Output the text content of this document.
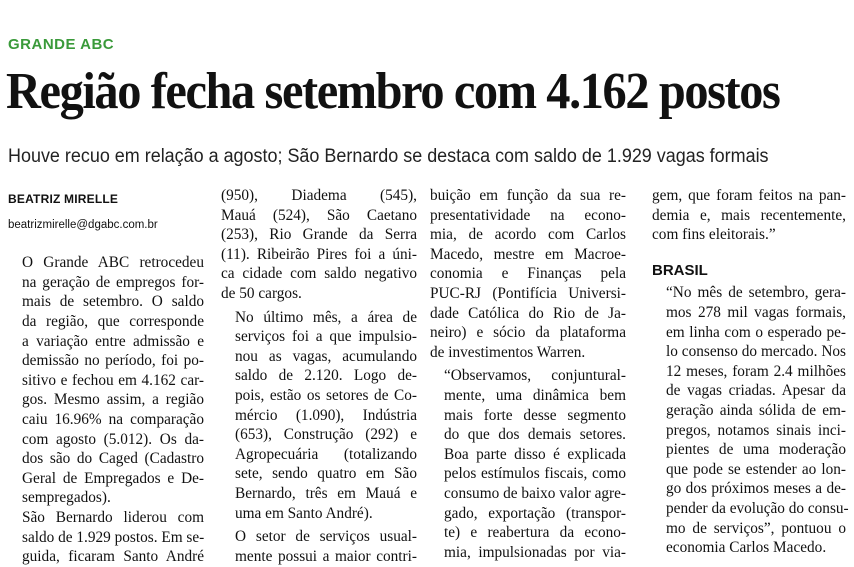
GRANDE ABC
Região fecha setembro com 4.162 postos
Houve recuo em relação a agosto; São Bernardo se destaca com saldo de 1.929 vagas formais
BEATRIZ MIRELLE
beatrizmirelle@dgabc.com.br

O Grande ABC retrocedeu
na geração de empregos for-
mais de setembro. O saldo
da região, que corresponde
a variação entre admissão e
demissão no período, foi po-
sitivo e fechou em 4.162 car-
gos. Mesmo assim, a região
caiu 16.96% na comparação
com agosto (5.012). Os da-
dos são do Caged (Cadastro
Geral de Empregados e De-
sempregados).

São Bernardo liderou com
saldo de 1.929 postos. Em se-
guida, ficaram Santo André

(950), Diadema (545),
Mauá (524), São Caetano
(253), Rio Grande da Serra
(11). Ribeirão Pires foi a úni-
ca cidade com saldo negativo
de 50 cargos.

No último mês, a área de
serviços foi a que impulsio-
nou as vagas, acumulando
saldo de 2.120. Logo de-
pois, estão os setores de Co-
mércio (1.090), Indústria
(653), Construção (292) e
Agropecuária (totalizando
sete, sendo quatro em São
Bernardo, três em Mauá e
uma em Santo André).

O setor de serviços usual-
mente possui a maior contri-

buição em função da sua re-
presentatividade na econo-
mia, de acordo com Carlos
Macedo, mestre em Macroe-
conomia e Finanças pela
PUC-RJ (Pontifícia Universi-
dade Católica do Rio de Ja-
neiro) e sócio da plataforma
de investimentos Warren.

“Observamos, conjuntural-
mente, uma dinâmica bem
mais forte desse segmento
do que dos demais setores.
Boa parte disso é explicada
pelos estímulos fiscais, como
consumo de baixo valor agre-
gado, exportação (transpor-
te) e reabertura da econo-
mia, impulsionadas por via-

gem, que foram feitos na pan-
demia e, mais recentemente,
com fins eleitorais.”

BRASIL

“No mês de setembro, gera-
mos 278 mil vagas formais,
em linha com o esperado pe-
lo consenso do mercado. Nos
12 meses, foram 2.4 milhões
de vagas criadas. Apesar da
geração ainda sólida de em-
pregos, notamos sinais inci-
pientes de uma moderação
que pode se estender ao lon-
go dos próximos meses a de-
pender da evolução do consu-
mo de serviços”, pontuou o
economia Carlos Macedo.
